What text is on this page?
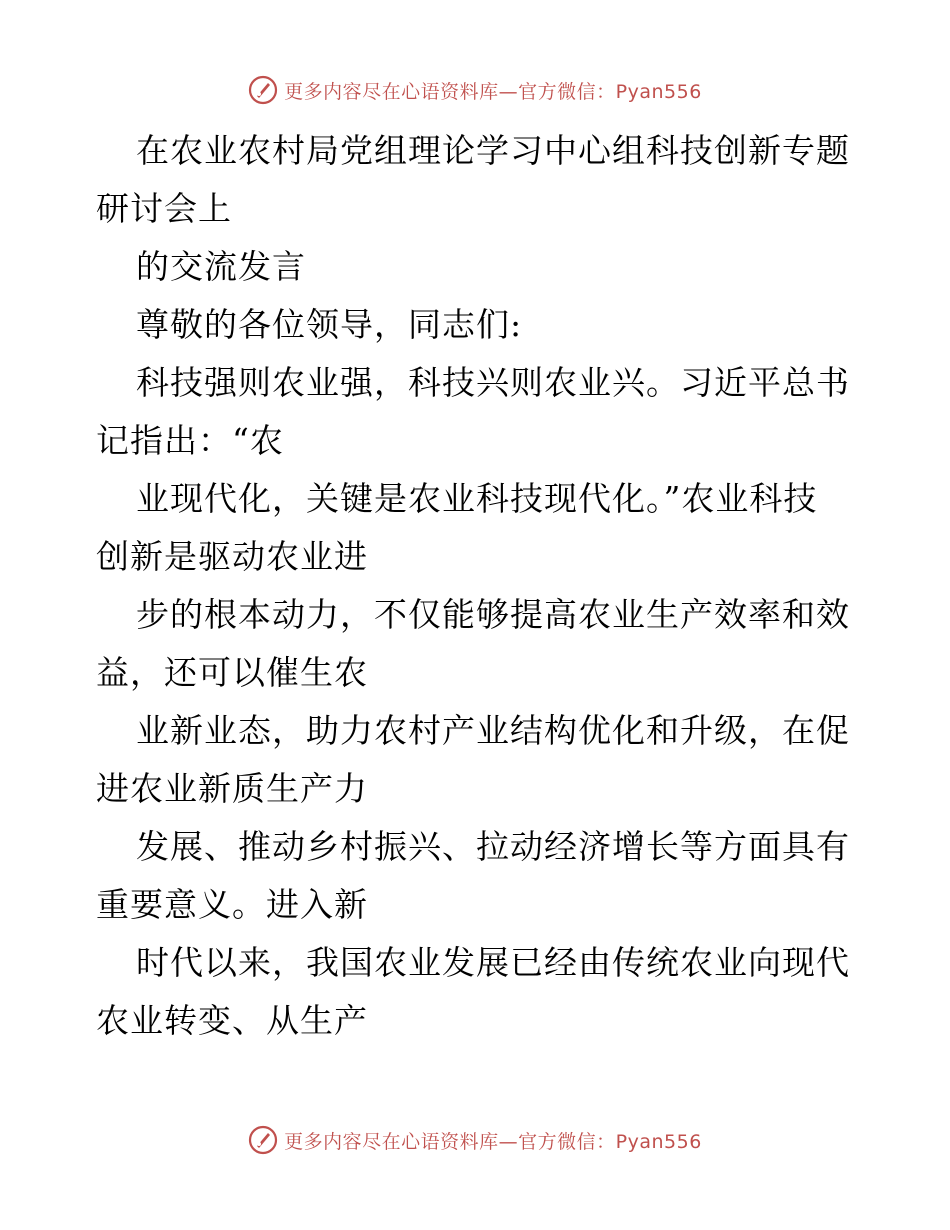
更多内容尽在心语资料库—官方微信：Pyan556
在农业农村局党组理论学习中心组科技创新专题
研讨会上
的交流发言
尊敬的各位领导，同志们:
科技强则农业强，科技兴则农业兴。习近平总书
记指出：“农
业现代化，关键是农业科技现代化。”农业科技
创新是驱动农业进
步的根本动力，不仅能够提高农业生产效率和效
益，还可以催生农
业新业态，助力农村产业结构优化和升级，在促
进农业新质生产力
发展、推动乡村振兴、拉动经济增长等方面具有
重要意义。进入新
时代以来，我国农业发展已经由传统农业向现代
农业转变、从生产
更多内容尽在心语资料库—官方微信：Pyan556
